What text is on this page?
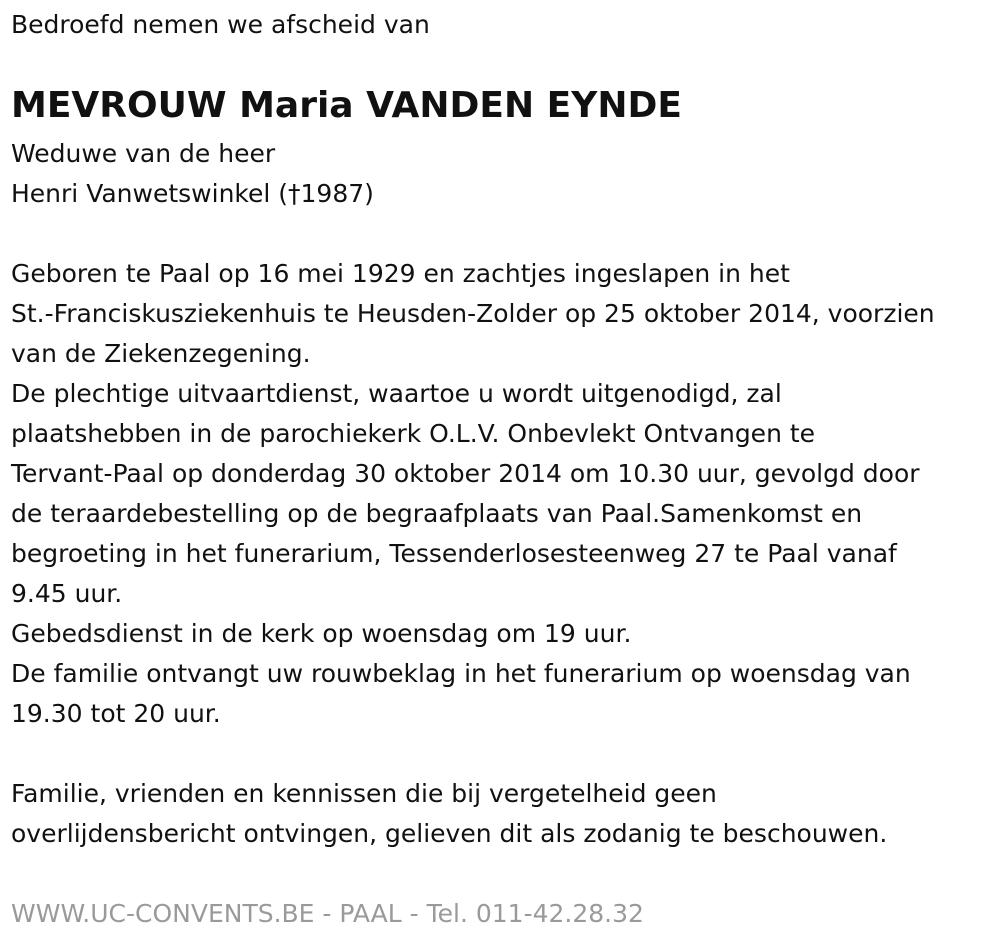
Bedroefd nemen we afscheid van
MEVROUW Maria VANDEN EYNDE
Weduwe van de heer
Henri Vanwetswinkel (†1987)
Geboren te Paal op 16 mei 1929 en zachtjes ingeslapen in het
St.-Franciskusziekenhuis te Heusden-Zolder op 25 oktober 2014, voorzien
van de Ziekenzegening.
De plechtige uitvaartdienst, waartoe u wordt uitgenodigd, zal
plaatshebben in de parochiekerk O.L.V. Onbevlekt Ontvangen te
Tervant-Paal op donderdag 30 oktober 2014 om 10.30 uur, gevolgd door
de teraardebestelling op de begraafplaats van Paal.Samenkomst en
begroeting in het funerarium, Tessenderlosesteenweg 27 te Paal vanaf
9.45 uur.
Gebedsdienst in de kerk op woensdag om 19 uur.
De familie ontvangt uw rouwbeklag in het funerarium op woensdag van
19.30 tot 20 uur.
Familie, vrienden en kennissen die bij vergetelheid geen
overlijdensbericht ontvingen, gelieven dit als zodanig te beschouwen.
WWW.UC-CONVENTS.BE - PAAL - Tel. 011-42.28.32
